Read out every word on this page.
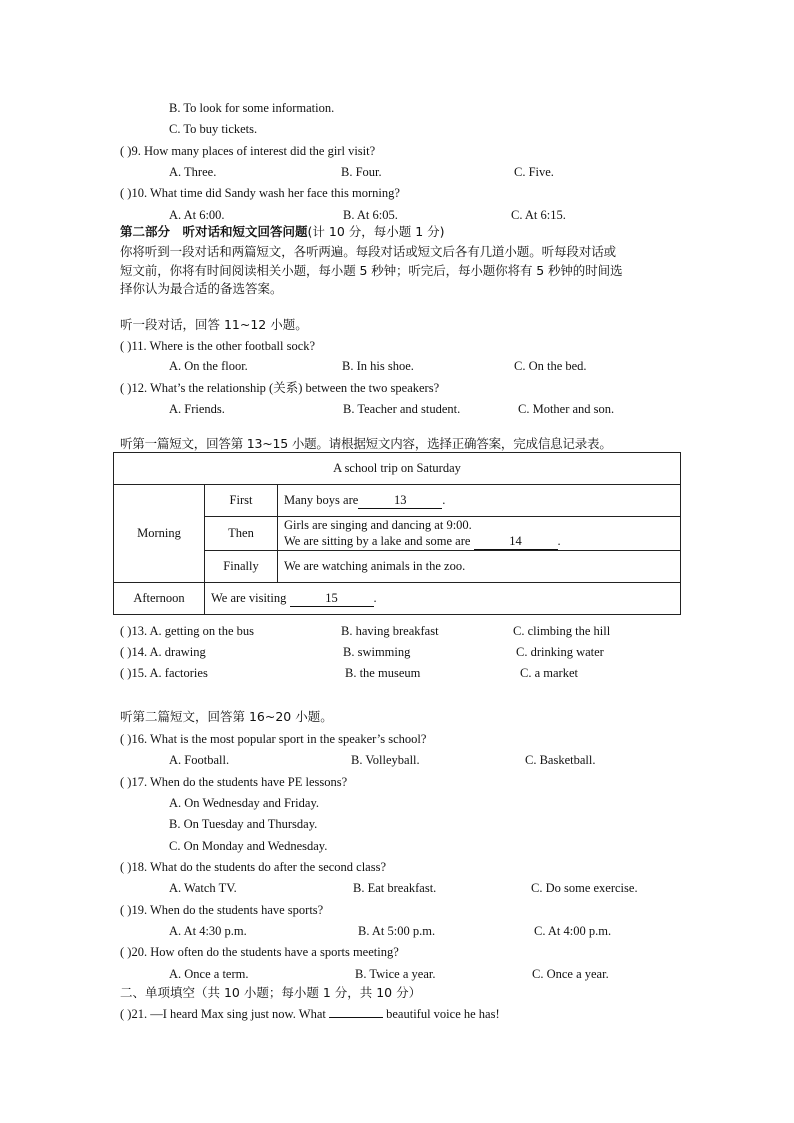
B. To look for some information.
C. To buy tickets.
( )9. How many places of interest did the girl visit?
A. Three.	B. Four.	C. Five.
( )10. What time did Sandy wash her face this morning?
A. At 6:00.	B. At 6:05.	C. At 6:15.
第二部分　听对话和短文回答问题(计 10 分，每小题 1 分)
你将听到一段对话和两篇短文，各听两遍。每段对话或短文后各有几道小题。听每段对话或
短文前，你将有时间阅读相关小题，每小题 5 秒钟；听完后，每小题你将有 5 秒钟的时间选
择你认为最合适的备选答案。
听一段对话，回答 11~12 小题。
( )11. Where is the other football sock?
A. On the floor.	B. In his shoe.	C. On the bed.
( )12. What’s the relationship (关系) between the two speakers?
A. Friends.	B. Teacher and student.	C. Mother and son.
听第一篇短文，回答第 13~15 小题。请根据短文内容，选择正确答案，完成信息记录表。
A school trip on Saturday		
Morning	First	Many boys are 13 .
	Then	Girls are singing and dancing at 9:00.
We are sitting by a lake and some are 14 .

	Finally	We are watching animals in the zoo.
Afternoon	We are visiting 15 .	
( )13. A. getting on the bus	B. having breakfast	C. climbing the hill
( )14. A. drawing	B. swimming	C. drinking water
( )15. A. factories	B. the museum	C. a market
听第二篇短文，回答第 16~20 小题。
( )16. What is the most popular sport in the speaker’s school?
A. Football.	B. Volleyball.	C. Basketball.
( )17. When do the students have PE lessons?
A. On Wednesday and Friday.
B. On Tuesday and Thursday.
C. On Monday and Wednesday.
( )18. What do the students do after the second class?
A. Watch TV.	B. Eat breakfast.	C. Do some exercise.
( )19. When do the students have sports?
A. At 4:30 p.m.	B. At 5:00 p.m.	C. At 4:00 p.m.
( )20. How often do the students have a sports meeting?
A. Once a term.	B. Twice a year.	C. Once a year.
二、单项填空（共 10 小题；每小题 1 分，共 10 分）
( )21. —I heard Max sing just now. What	beautiful voice he has!
